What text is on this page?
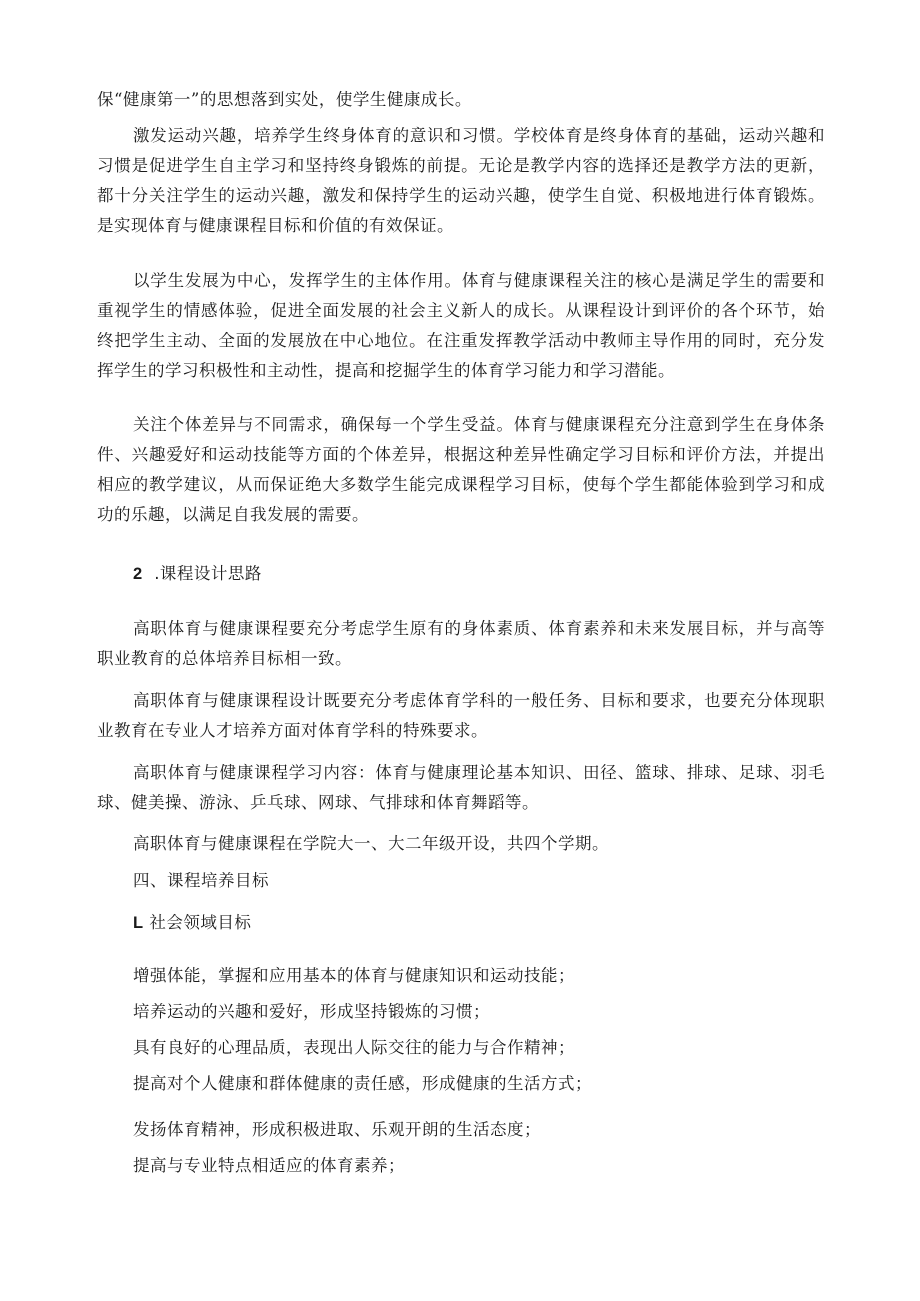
保“健康第一”的思想落到实处，使学生健康成长。

激发运动兴趣，培养学生终身体育的意识和习惯。学校体育是终身体育的基础，运动兴趣和习惯是促进学生自主学习和坚持终身锻炼的前提。无论是教学内容的选择还是教学方法的更新，都十分关注学生的运动兴趣，激发和保持学生的运动兴趣，使学生自觉、积极地进行体育锻炼。是实现体育与健康课程目标和价值的有效保证。

以学生发展为中心，发挥学生的主体作用。体育与健康课程关注的核心是满足学生的需要和重视学生的情感体验，促进全面发展的社会主义新人的成长。从课程设计到评价的各个环节，始终把学生主动、全面的发展放在中心地位。在注重发挥教学活动中教师主导作用的同时，充分发挥学生的学习积极性和主动性，提高和挖掘学生的体育学习能力和学习潜能。

关注个体差异与不同需求，确保每一个学生受益。体育与健康课程充分注意到学生在身体条件、兴趣爱好和运动技能等方面的个体差异，根据这种差异性确定学习目标和评价方法，并提出相应的教学建议，从而保证绝大多数学生能完成课程学习目标，使每个学生都能体验到学习和成功的乐趣，以满足自我发展的需要。

2 .课程设计思路

高职体育与健康课程要充分考虑学生原有的身体素质、体育素养和未来发展目标，并与高等职业教育的总体培养目标相一致。

高职体育与健康课程设计既要充分考虑体育学科的一般任务、目标和要求，也要充分体现职业教育在专业人才培养方面对体育学科的特殊要求。

高职体育与健康课程学习内容：体育与健康理论基本知识、田径、篮球、排球、足球、羽毛球、健美操、游泳、乒乓球、网球、气排球和体育舞蹈等。

高职体育与健康课程在学院大一、大二年级开设，共四个学期。

四、课程培养目标

L 社会领域目标

增强体能，掌握和应用基本的体育与健康知识和运动技能；

培养运动的兴趣和爱好，形成坚持锻炼的习惯；

具有良好的心理品质，表现出人际交往的能力与合作精神；

提高对个人健康和群体健康的责任感，形成健康的生活方式；

发扬体育精神，形成积极进取、乐观开朗的生活态度；

提高与专业特点相适应的体育素养；
